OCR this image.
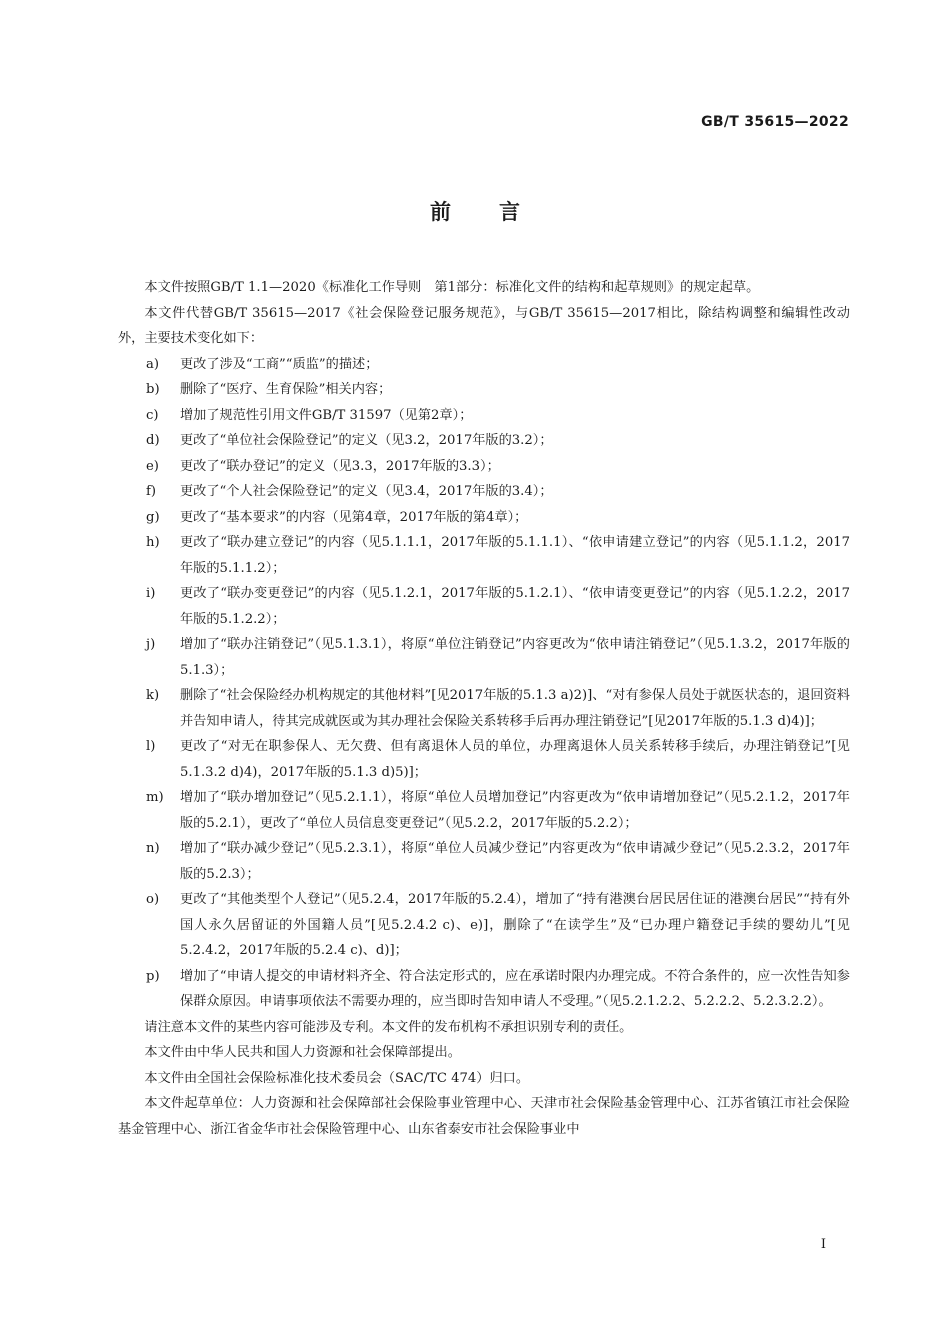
GB/T 35615—2022
前言

本文件按照GB/T 1.1—2020《标准化工作导则　第1部分：标准化文件的结构和起草规则》的规定起草。

本文件代替GB/T 35615—2017《社会保险登记服务规范》，与GB/T 35615—2017相比，除结构调整和编辑性改动外，主要技术变化如下：

a) 更改了涉及“工商”“质监”的描述；

b) 删除了“医疗、生育保险”相关内容；

c) 增加了规范性引用文件GB/T 31597（见第2章）；

d) 更改了“单位社会保险登记”的定义（见3.2，2017年版的3.2）；

e) 更改了“联办登记”的定义（见3.3，2017年版的3.3）；

f) 更改了“个人社会保险登记”的定义（见3.4，2017年版的3.4）；

g) 更改了“基本要求”的内容（见第4章，2017年版的第4章）；

h) 更改了“联办建立登记”的内容（见5.1.1.1，2017年版的5.1.1.1）、“依申请建立登记”的内容（见5.1.1.2，2017年版的5.1.1.2）；

i) 更改了“联办变更登记”的内容（见5.1.2.1，2017年版的5.1.2.1）、“依申请变更登记”的内容（见5.1.2.2，2017年版的5.1.2.2）；

j) 增加了“联办注销登记”（见5.1.3.1），将原“单位注销登记”内容更改为“依申请注销登记”（见5.1.3.2，2017年版的5.1.3）；

k) 删除了“社会保险经办机构规定的其他材料”[见2017年版的5.1.3 a)2)]、“对有参保人员处于就医状态的，退回资料并告知申请人，待其完成就医或为其办理社会保险关系转移手后再办理注销登记”[见2017年版的5.1.3 d)4)]；

l) 更改了“对无在职参保人、无欠费、但有离退休人员的单位，办理离退休人员关系转移手续后，办理注销登记”[见5.1.3.2 d)4)，2017年版的5.1.3 d)5)]；

m) 增加了“联办增加登记”（见5.2.1.1），将原“单位人员增加登记”内容更改为“依申请增加登记”（见5.2.1.2，2017年版的5.2.1），更改了“单位人员信息变更登记”（见5.2.2，2017年版的5.2.2）；

n) 增加了“联办减少登记”（见5.2.3.1），将原“单位人员减少登记”内容更改为“依申请减少登记”（见5.2.3.2，2017年版的5.2.3）；

o) 更改了“其他类型个人登记”（见5.2.4，2017年版的5.2.4），增加了“持有港澳台居民居住证的港澳台居民”“持有外国人永久居留证的外国籍人员”[见5.2.4.2 c)、e)]，删除了“在读学生”及“已办理户籍登记手续的婴幼儿”[见5.2.4.2，2017年版的5.2.4 c)、d)]；

p) 增加了“申请人提交的申请材料齐全、符合法定形式的，应在承诺时限内办理完成。不符合条件的，应一次性告知参保群众原因。申请事项依法不需要办理的，应当即时告知申请人不受理。”（见5.2.1.2.2、5.2.2.2、5.2.3.2.2）。

请注意本文件的某些内容可能涉及专利。本文件的发布机构不承担识别专利的责任。

本文件由中华人民共和国人力资源和社会保障部提出。

本文件由全国社会保险标准化技术委员会（SAC/TC 474）归口。

本文件起草单位：人力资源和社会保障部社会保险事业管理中心、天津市社会保险基金管理中心、江苏省镇江市社会保险基金管理中心、浙江省金华市社会保险管理中心、山东省泰安市社会保险事业中

I
